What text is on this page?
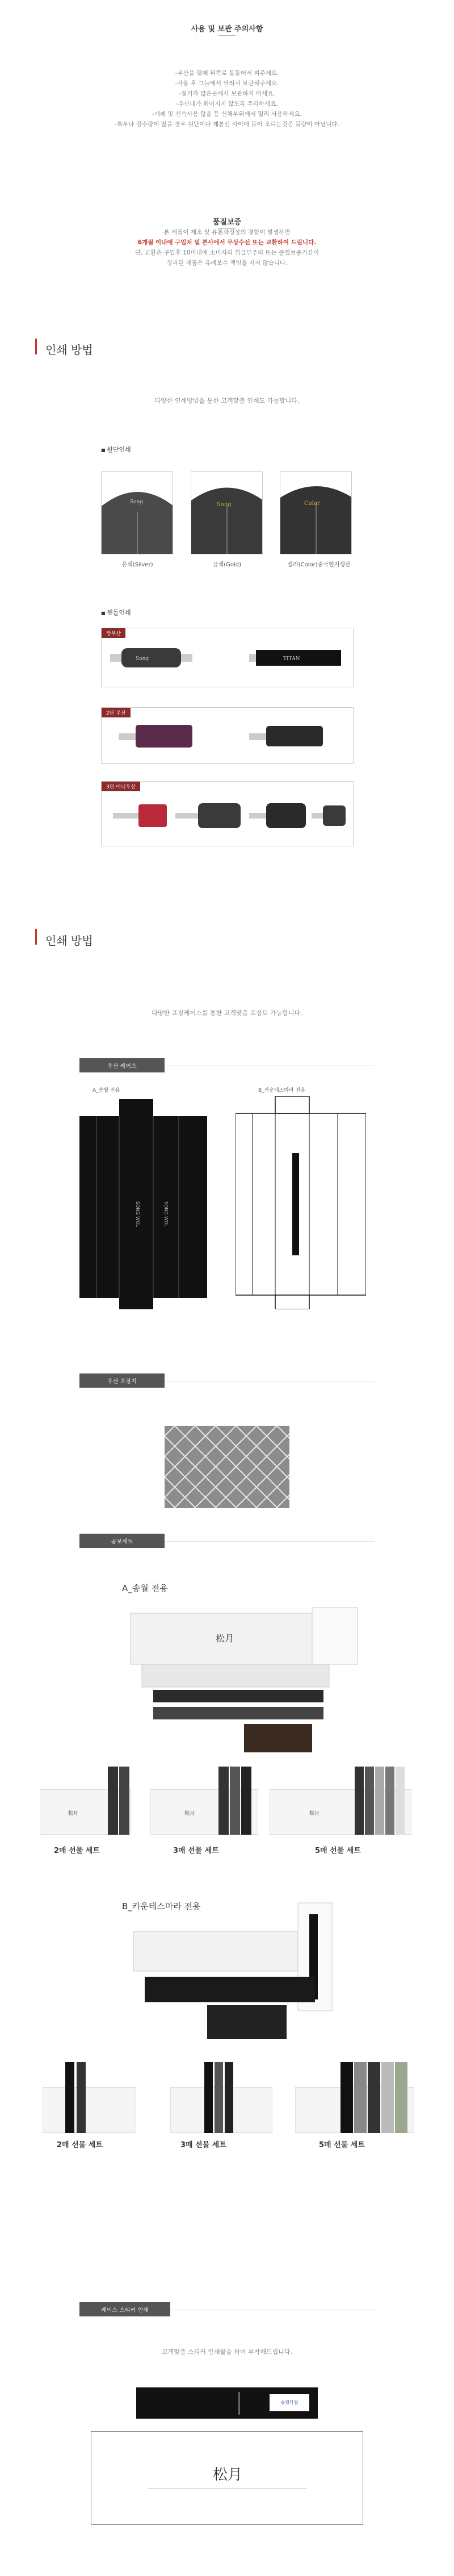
사용 및 보관 주의사항
-우산을 펼때 위쪽로 돌돌어서 펴주세요.
-사용 후 그늘에서 말려서 보관해주세요.
-젖기가 많은곳에서 보관하지 마세요.
-우산대가 휘어지지 않도록 주의하세요.
-개폐 및 신속사용 않을 등 신체부위에서 멀리 사용하세요.
-특우나 강수량이 많을 경우 원단이나 제봉선 사이에 물이 조르는것은 불량이 아닙니다.
품질보증
본 제품이 제조 및 유통과정상의 결함이 발생하면
6개월 이내에 구입처 및 본사에서 무상수선 또는 교환하여 드립니다.
단, 교환은 구입후 10이내에 소비자의 취급부주의 또는 졸업보증기간이
경과된 제품은 유례보수 책임을 지지 않습니다.
인쇄 방법
다양한 인쇄방법을 통한 고객맞춤 인쇄도 가능합니다.
■ 원단인쇄
Song
은색(Silver)
Song
금색(Gold)
Color
컬러(Color)중국현지생산
■ 핸들인쇄
장우산
Song	TITAN
2단 우산
3단 미니우산
인쇄 방법
다양한 포장케이스를 통한 고객맞춤 포장도 가능합니다.
우산 케이스
A_송월 전용	B_카운테스마라 전용
SONG WOL	SONG WOL
우산 포장지
공보세트
A_송월 전용
松月
松月
2매 선물 세트
松月
3매 선물 세트
松月
5매 선물 세트
B_카운테스마라 전용
2매 선물 세트	3매 선물 세트	5매 선물 세트
케이스 스티커 인쇄
고객맞춤 스티커 인쇄물을 하여 부착해드립니다.
송월타월
松月
